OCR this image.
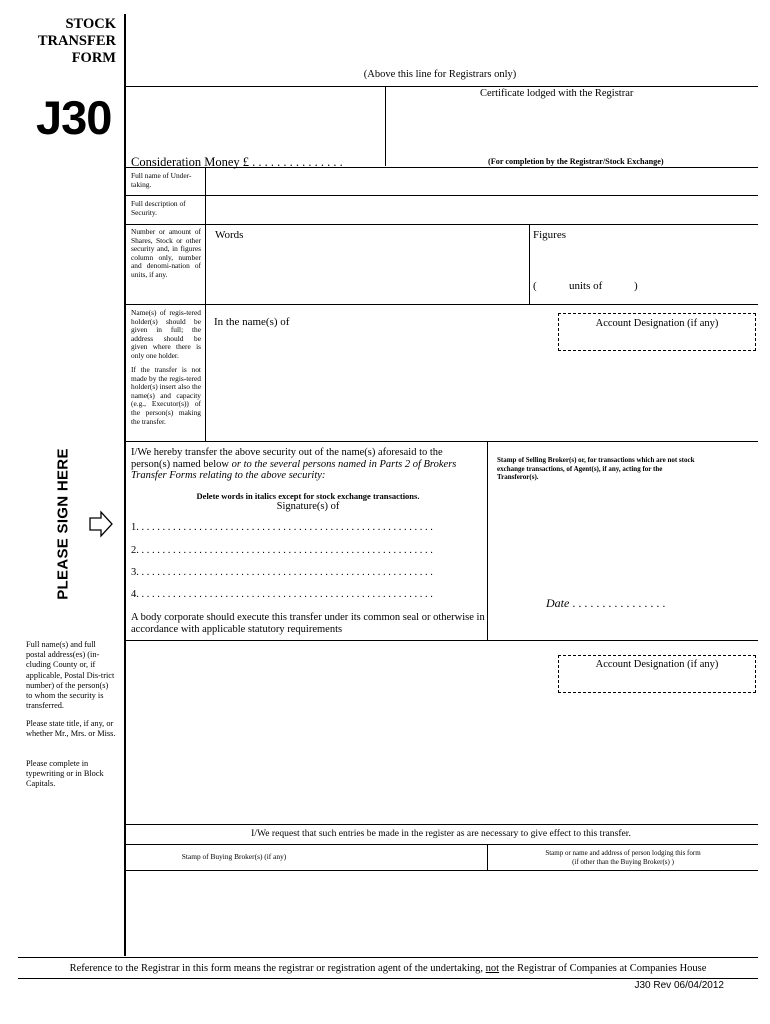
STOCK
TRANSFER
FORM
J30
(Above this line for Registrars only)
Certificate lodged with the Registrar
Consideration Money £ . . . . . . . . . . . . . . .	(For completion by the Registrar/Stock Exchange)
Full name of Under-taking.
Full description of Security.
Number or amount of Shares, Stock or other security and, in figures column only, number and denomi-nation of units, if any.
Words	Figures
(	units of	)
Name(s) of regis-tered holder(s) should be given in full; the address should be given where there is only one holder.
If the transfer is not made by the regis-tered holder(s) insert also the name(s) and capacity (e.g., Executor(s)) of the person(s) making the transfer.
In the name(s) of	Account Designation (if any)
PLEASE SIGN HERE	I/We hereby transfer the above security out of the name(s) aforesaid to the person(s) named below or to the several persons named in Parts 2 of Brokers Transfer Forms relating to the above security:
Stamp of Selling Broker(s) or, for transactions which are not stock exchange transactions, of Agent(s), if any, acting for the Transferor(s).
Delete words in italics except for stock exchange transactions.
Signature(s) of
1. . . . . . . . . . . . . . . . . . . . . . . . . . . . . . . . . . . . . . . . . . . . . . . . . . . . . . . . .
2. . . . . . . . . . . . . . . . . . . . . . . . . . . . . . . . . . . . . . . . . . . . . . . . . . . . . . . . .
3. . . . . . . . . . . . . . . . . . . . . . . . . . . . . . . . . . . . . . . . . . . . . . . . . . . . . . . . .
4. . . . . . . . . . . . . . . . . . . . . . . . . . . . . . . . . . . . . . . . . . . . . . . . . . . . . . . . .
Date . . . . . . . . . . . . . . . .
A body corporate should execute this transfer under its common seal or otherwise in accordance with applicable statutory requirements
Full name(s) and full postal address(es) (in-cluding County or, if applicable, Postal Dis-trict number) of the person(s) to whom the security is transferred.
Please state title, if any, or whether Mr., Mrs. or Miss.
Please complete in typewriting or in Block Capitals.
Account Designation (if any)
I/We request that such entries be made in the register as are necessary to give effect to this transfer.
Stamp of Buying Broker(s) (if any)	Stamp or name and address of person lodging this form
(if other than the Buying Broker(s) )
Reference to the Registrar in this form means the registrar or registration agent of the undertaking, not the Registrar of Companies at Companies House
J30 Rev 06/04/2012
